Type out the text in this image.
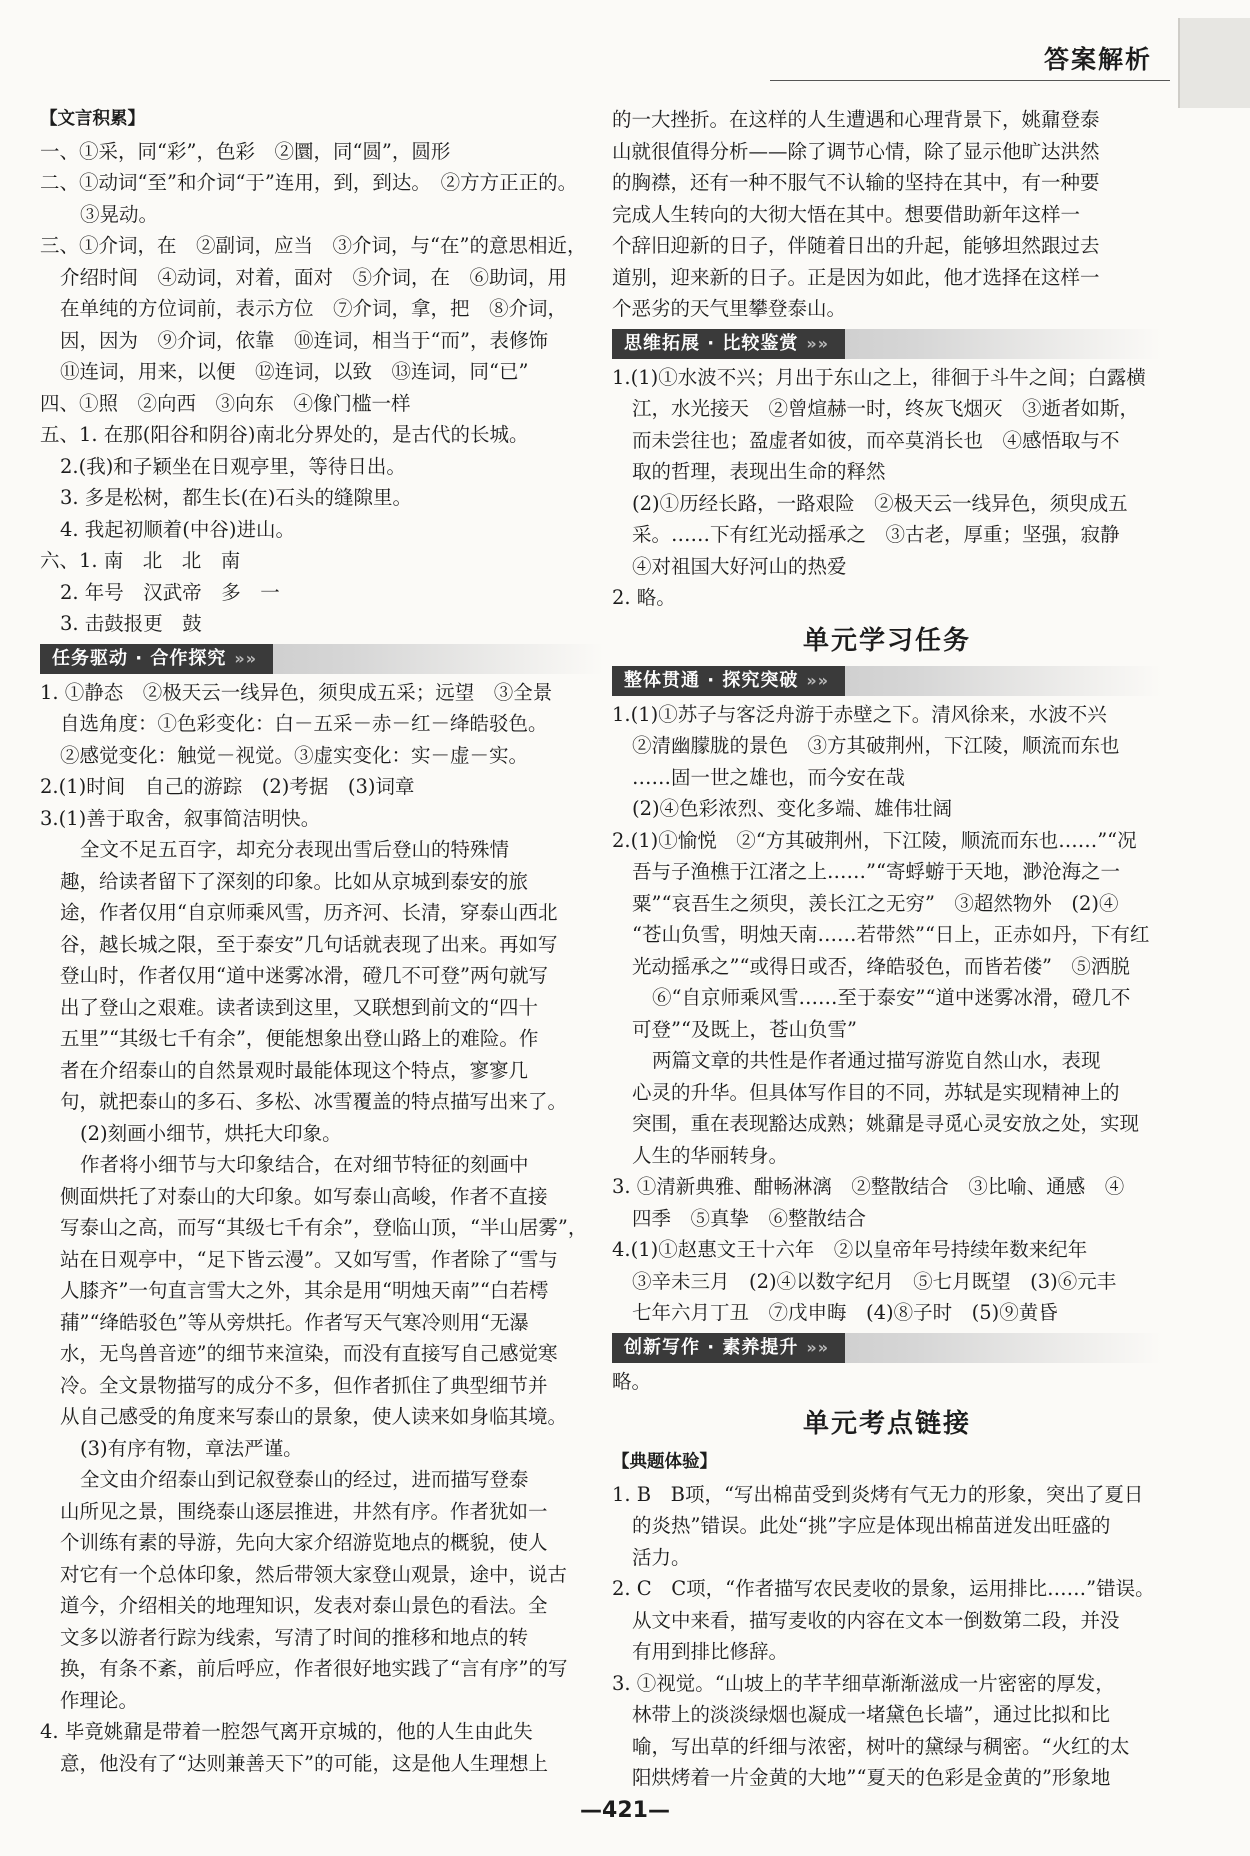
答案解析
【文言积累】
一、①采，同“彩”，色彩　②圜，同“圆”，圆形
二、①动词“至”和介词“于”连用，到，到达。　②方方正正的。
③晃动。
三、①介词，在　②副词，应当　③介词，与“在”的意思相近，
介绍时间　④动词，对着，面对　⑤介词，在　⑥助词，用
在单纯的方位词前，表示方位　⑦介词，拿，把　⑧介词，
因，因为　⑨介词，依靠　⑩连词，相当于“而”，表修饰
⑪连词，用来，以便　⑫连词，以致　⑬连词，同“已”
四、①照　②向西　③向东　④像门槛一样
五、1. 在那(阳谷和阴谷)南北分界处的，是古代的长城。
2.(我)和子颖坐在日观亭里，等待日出。
3. 多是松树，都生长(在)石头的缝隙里。
4. 我起初顺着(中谷)进山。
六、1. 南　北　北　南
2. 年号　汉武帝　多　一
3. 击鼓报更　鼓
任务驱动 · 合作探究 »»
1. ①静态　②极天云一线异色，须臾成五采；远望　③全景
自选角度：①色彩变化：白－五采－赤－红－绛皓驳色。
②感觉变化：触觉－视觉。③虚实变化：实－虚－实。
2.(1)时间　自己的游踪　(2)考据　(3)词章
3.(1)善于取舍，叙事简洁明快。
全文不足五百字，却充分表现出雪后登山的特殊情
趣，给读者留下了深刻的印象。比如从京城到泰安的旅
途，作者仅用“自京师乘风雪，历齐河、长清，穿泰山西北
谷，越长城之限，至于泰安”几句话就表现了出来。再如写
登山时，作者仅用“道中迷雾冰滑，磴几不可登”两句就写
出了登山之艰难。读者读到这里，又联想到前文的“四十
五里”“其级七千有余”，便能想象出登山路上的难险。作
者在介绍泰山的自然景观时最能体现这个特点，寥寥几
句，就把泰山的多石、多松、冰雪覆盖的特点描写出来了。
(2)刻画小细节，烘托大印象。
作者将小细节与大印象结合，在对细节特征的刻画中
侧面烘托了对泰山的大印象。如写泰山高峻，作者不直接
写泰山之高，而写“其级七千有余”，登临山顶，“半山居雾”，
站在日观亭中，“足下皆云漫”。又如写雪，作者除了“雪与
人膝齐”一句直言雪大之外，其余是用“明烛天南”“白若樗
蒱”“绛皓驳色”等从旁烘托。作者写天气寒冷则用“无瀑
水，无鸟兽音迹”的细节来渲染，而没有直接写自己感觉寒
冷。全文景物描写的成分不多，但作者抓住了典型细节并
从自己感受的角度来写泰山的景象，使人读来如身临其境。
(3)有序有物，章法严谨。
全文由介绍泰山到记叙登泰山的经过，进而描写登泰
山所见之景，围绕泰山逐层推进，井然有序。作者犹如一
个训练有素的导游，先向大家介绍游览地点的概貌，使人
对它有一个总体印象，然后带领大家登山观景，途中，说古
道今，介绍相关的地理知识，发表对泰山景色的看法。全
文多以游者行踪为线索，写清了时间的推移和地点的转
换，有条不紊，前后呼应，作者很好地实践了“言有序”的写
作理论。
4. 毕竟姚鼐是带着一腔怨气离开京城的，他的人生由此失
意，他没有了“达则兼善天下”的可能，这是他人生理想上
的一大挫折。在这样的人生遭遇和心理背景下，姚鼐登泰
山就很值得分析——除了调节心情，除了显示他旷达洪然
的胸襟，还有一种不服气不认输的坚持在其中，有一种要
完成人生转向的大彻大悟在其中。想要借助新年这样一
个辞旧迎新的日子，伴随着日出的升起，能够坦然跟过去
道别，迎来新的日子。正是因为如此，他才选择在这样一
个恶劣的天气里攀登泰山。
思维拓展 · 比较鉴赏 »»
1.(1)①水波不兴；月出于东山之上，徘徊于斗牛之间；白露横
江，水光接天　②曾煊赫一时，终灰飞烟灭　③逝者如斯，
而未尝往也；盈虚者如彼，而卒莫消长也　④感悟取与不
取的哲理，表现出生命的释然
(2)①历经长路，一路艰险　②极天云一线异色，须臾成五
采。……下有红光动摇承之　③古老，厚重；坚强，寂静
④对祖国大好河山的热爱
2. 略。
单元学习任务
整体贯通 · 探究突破 »»
1.(1)①苏子与客泛舟游于赤壁之下。清风徐来，水波不兴
②清幽朦胧的景色　③方其破荆州，下江陵，顺流而东也
……固一世之雄也，而今安在哉
(2)④色彩浓烈、变化多端、雄伟壮阔
2.(1)①愉悦　②“方其破荆州，下江陵，顺流而东也……”“况
吾与子渔樵于江渚之上……”“寄蜉蝣于天地，渺沧海之一
粟”“哀吾生之须臾，羡长江之无穷”　③超然物外　(2)④
“苍山负雪，明烛天南……若带然”“日上，正赤如丹，下有红
光动摇承之”“或得日或否，绛皓驳色，而皆若偻”　⑤洒脱
⑥“自京师乘风雪……至于泰安”“道中迷雾冰滑，磴几不
可登”“及既上，苍山负雪”
两篇文章的共性是作者通过描写游览自然山水，表现
心灵的升华。但具体写作目的不同，苏轼是实现精神上的
突围，重在表现豁达成熟；姚鼐是寻觅心灵安放之处，实现
人生的华丽转身。
3. ①清新典雅、酣畅淋漓　②整散结合　③比喻、通感　④
四季　⑤真挚　⑥整散结合
4.(1)①赵惠文王十六年　②以皇帝年号持续年数来纪年
③辛未三月　(2)④以数字纪月　⑤七月既望　(3)⑥元丰
七年六月丁丑　⑦戊申晦　(4)⑧子时　(5)⑨黄昏
创新写作 · 素养提升 »»
略。
单元考点链接
【典题体验】
1. B　B项，“写出棉苗受到炎烤有气无力的形象，突出了夏日
的炎热”错误。此处“挑”字应是体现出棉苗迸发出旺盛的
活力。
2. C　C项，“作者描写农民麦收的景象，运用排比……”错误。
从文中来看，描写麦收的内容在文本一倒数第二段，并没
有用到排比修辞。
3. ①视觉。“山坡上的芊芊细草渐渐滋成一片密密的厚发，
林带上的淡淡绿烟也凝成一堵黛色长墙”，通过比拟和比
喻，写出草的纤细与浓密，树叶的黛绿与稠密。“火红的太
阳烘烤着一片金黄的大地”“夏天的色彩是金黄的”形象地
—421—
